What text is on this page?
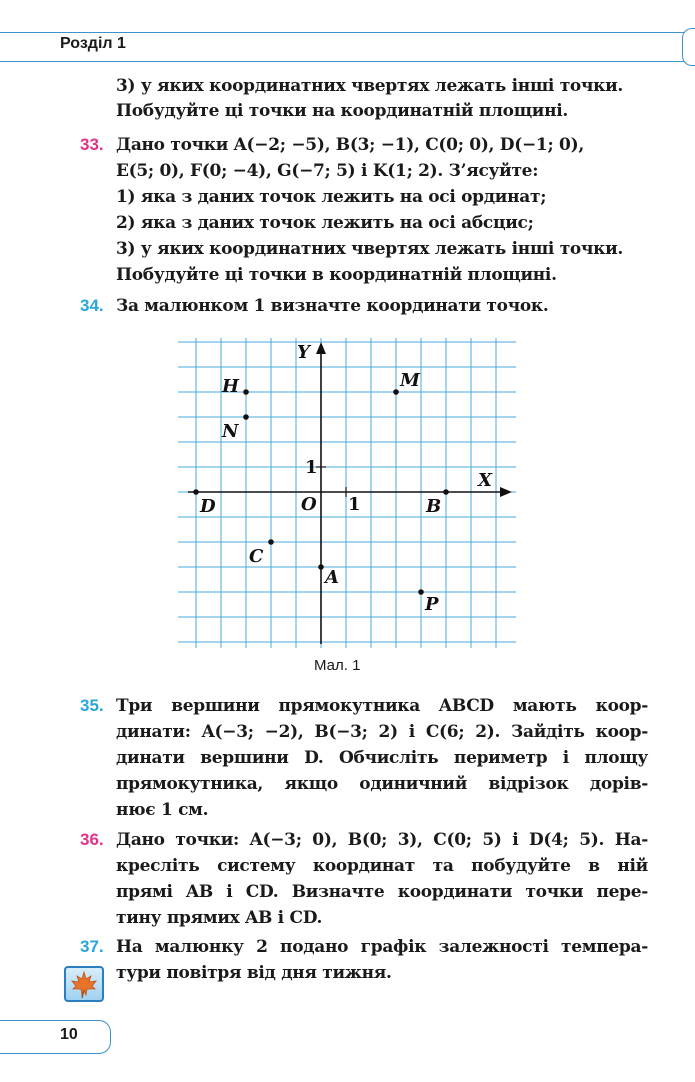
Розділ 1
3) у яких координатних чвертях лежать інші точки.
Побудуйте ці точки на координатній площині.
33. Дано точки A(−2; −5), B(3; −1), C(0; 0), D(−1; 0),
E(5; 0), F(0; −4), G(−7; 5) і K(1; 2). З’ясуйте:
1) яка з даних точок лежить на осі ординат;
2) яка з даних точок лежить на осі абсцис;
3) у яких координатних чвертях лежать інші точки.
Побудуйте ці точки в координатній площині.
34. За малюнком 1 визначте координати точок.
X
Y
O 1
1
H
N
M
D	B
C
A
P
Мал. 1
35. Три вершини прямокутника ABCD мають коор-
динати: A(−3; −2), B(−3; 2) і C(6; 2). Зайдіть коор-
динати вершини D. Обчисліть периметр і площу
прямокутника, якщо одиничний відрізок дорів-
нює 1 см.
36. Дано точки: A(−3; 0), B(0; 3), C(0; 5) і D(4; 5). На-
кресліть систему координат та побудуйте в ній
прямі AB і CD. Визначте координати точки пере-
тину прямих AB і CD.
37. На малюнку 2 подано графік залежності темпера-
тури повітря від дня тижня.
10
